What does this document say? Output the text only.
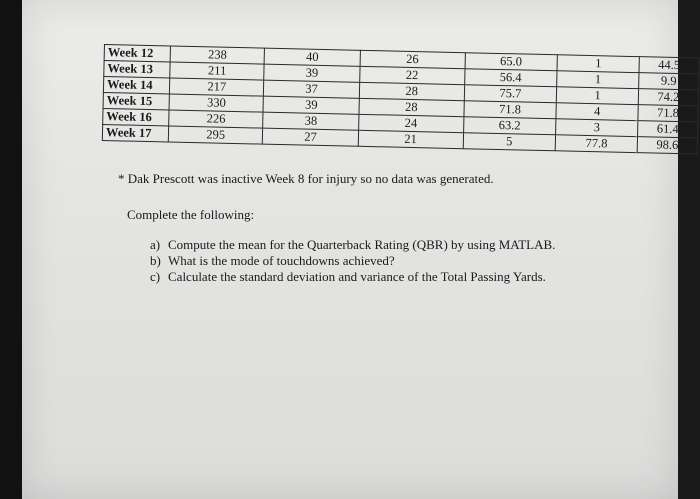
Week 12	238	40	26	65.0	1	44.5
Week 13	211	39	22	56.4	1	9.9
Week 14	217	37	28	75.7	1	74.2
Week 15	330	39	28	71.8	4	71.8
Week 16	226	38	24	63.2	3	61.4
Week 17	295	27	21	5	77.8	98.6
* Dak Prescott was inactive Week 8 for injury so no data was generated.
Complete the following:
a) Compute the mean for the Quarterback Rating (QBR) by using MATLAB.
b) What is the mode of touchdowns achieved?
c) Calculate the standard deviation and variance of the Total Passing Yards.
